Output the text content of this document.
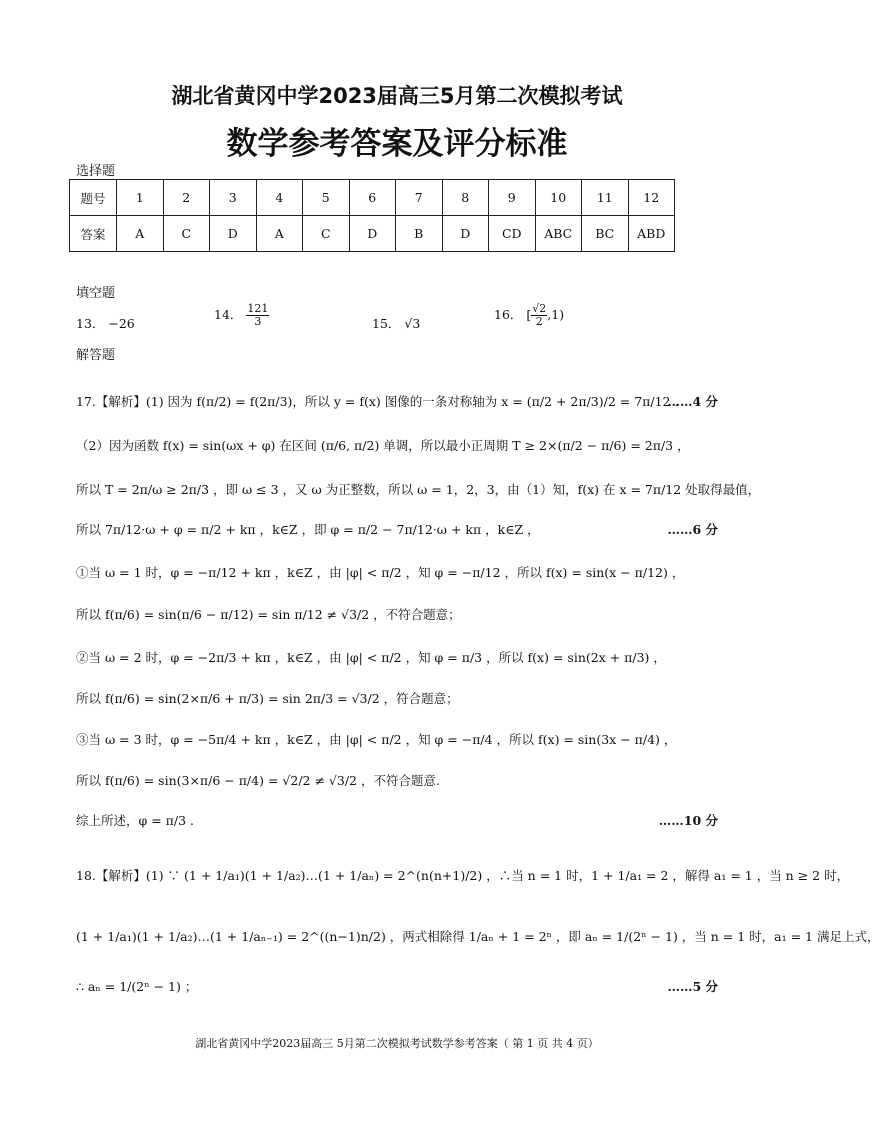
湖北省黄冈中学2023届高三5月第二次模拟考试
数学参考答案及评分标准
选择题
题号	1	2	3	4	5	6	7	8	9	10	11	12
答案	A	C	D	A	C	D	B	D	CD	ABC	BC	ABD
填空题
13． −26
14． $\frac{121}{3}$	15． √3
16． [ $\frac{√2}{2} ,1$)
解答题
17.【解析】(1) 因为 f(π/2) = f(2π/3)，所以 y = f(x) 图像的一条对称轴为 x = (π/2 + 2π/3)/2 = 7π/12 .
……4 分
（2）因为函数 f(x) = sin(ωx + φ) 在区间 (π/6, π/2) 单调，所以最小正周期 T ≥ 2×(π/2 − π/6) = 2π/3 ，
所以 T = 2π/ω ≥ 2π/3 ，即 ω ≤ 3 ，又 ω 为正整数，所以 ω = 1，2，3，由（1）知，f(x) 在 x = 7π/12 处取得最值，
所以 7π/12·ω + φ = π/2 + kπ ，k∈Z ，即 φ = π/2 − 7π/12·ω + kπ ，k∈Z ，	……6 分
①当 ω = 1 时，φ = −π/12 + kπ ，k∈Z ，由 |φ| < π/2 ，知 φ = −π/12 ，所以 f(x) = sin(x − π/12) ，
所以 f(π/6) = sin(π/6 − π/12) = sin π/12 ≠ √3/2 ，不符合题意；
②当 ω = 2 时，φ = −2π/3 + kπ ，k∈Z ，由 |φ| < π/2 ，知 φ = π/3 ，所以 f(x) = sin(2x + π/3) ，
所以 f(π/6) = sin(2×π/6 + π/3) = sin 2π/3 = √3/2 ，符合题意；
③当 ω = 3 时，φ = −5π/4 + kπ ，k∈Z ，由 |φ| < π/2 ，知 φ = −π/4 ，所以 f(x) = sin(3x − π/4) ，
所以 f(π/6) = sin(3×π/6 − π/4) = √2/2 ≠ √3/2 ，不符合题意.
综上所述，φ = π/3 .	……10 分
18.【解析】(1) ∵ (1 + 1/a₁)(1 + 1/a₂)…(1 + 1/aₙ) = 2^(n(n+1)/2) ，∴当 n = 1 时，1 + 1/a₁ = 2 ，解得 a₁ = 1 ，当 n ≥ 2 时，
(1 + 1/a₁)(1 + 1/a₂)…(1 + 1/aₙ₋₁) = 2^((n−1)n/2) ，两式相除得 1/aₙ + 1 = 2ⁿ ，即 aₙ = 1/(2ⁿ − 1) ，当 n = 1 时，a₁ = 1 满足上式，
∴ aₙ = 1/(2ⁿ − 1) ；	……5 分
湖北省黄冈中学2023届高三 5月第二次模拟考试数学参考答案（ 第 1 页 共 4 页）
